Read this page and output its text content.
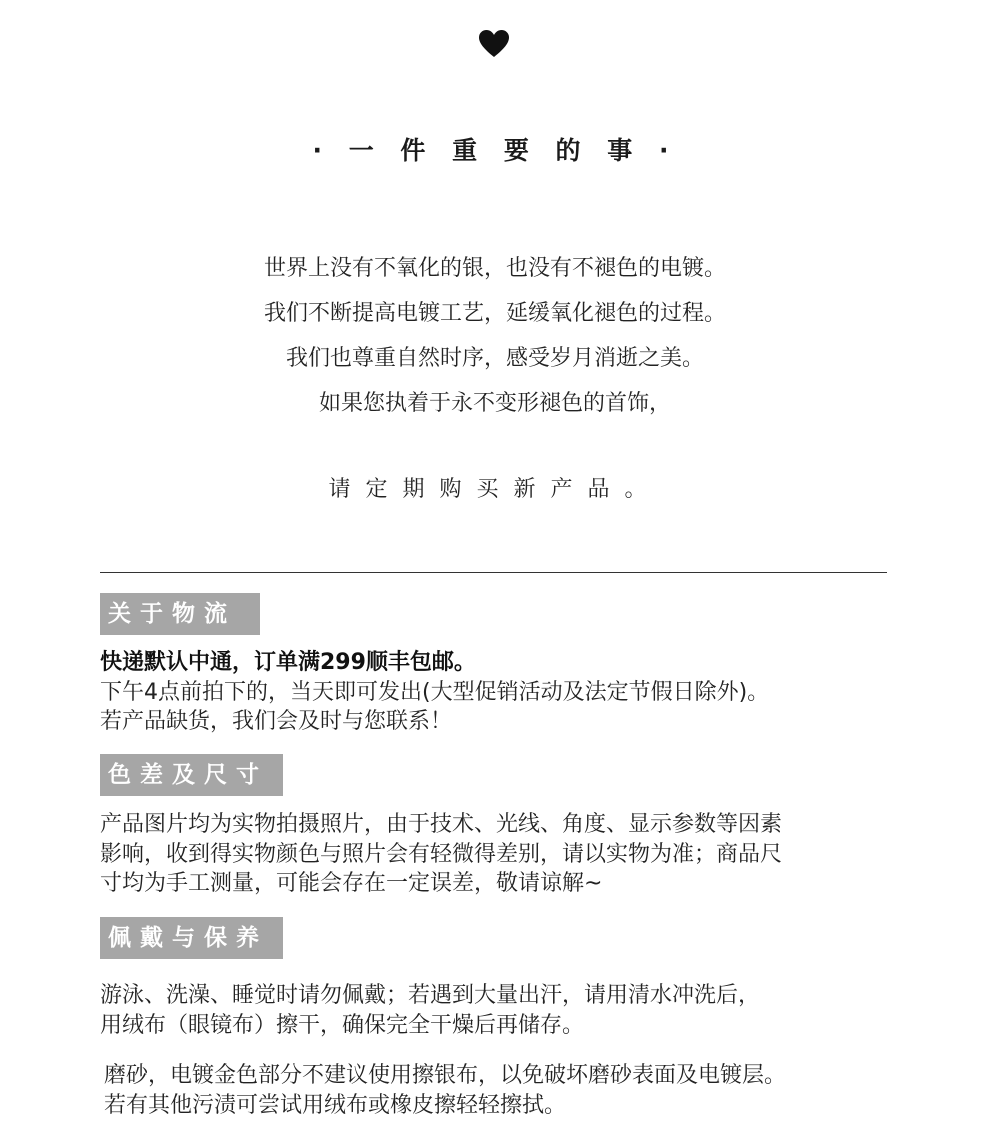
· 一 件 重 要 的 事 ·
世界上没有不氧化的银，也没有不褪色的电镀。
我们不断提高电镀工艺，延缓氧化褪色的过程。
我们也尊重自然时序，感受岁月消逝之美。
如果您执着于永不变形褪色的首饰，
请定期购买新产品。
关于物流
快递默认中通，订单满299顺丰包邮。
下午4点前拍下的，当天即可发出(大型促销活动及法定节假日除外)。
若产品缺货，我们会及时与您联系！
色差及尺寸
产品图片均为实物拍摄照片，由于技术、光线、角度、显示参数等因素
影响，收到得实物颜色与照片会有轻微得差别，请以实物为准；商品尺
寸均为手工测量，可能会存在一定误差，敬请谅解~
佩戴与保养
游泳、洗澡、睡觉时请勿佩戴；若遇到大量出汗，请用清水冲洗后，
用绒布（眼镜布）擦干，确保完全干燥后再储存。
磨砂，电镀金色部分不建议使用擦银布，以免破坏磨砂表面及电镀层。
若有其他污渍可尝试用绒布或橡皮擦轻轻擦拭。
